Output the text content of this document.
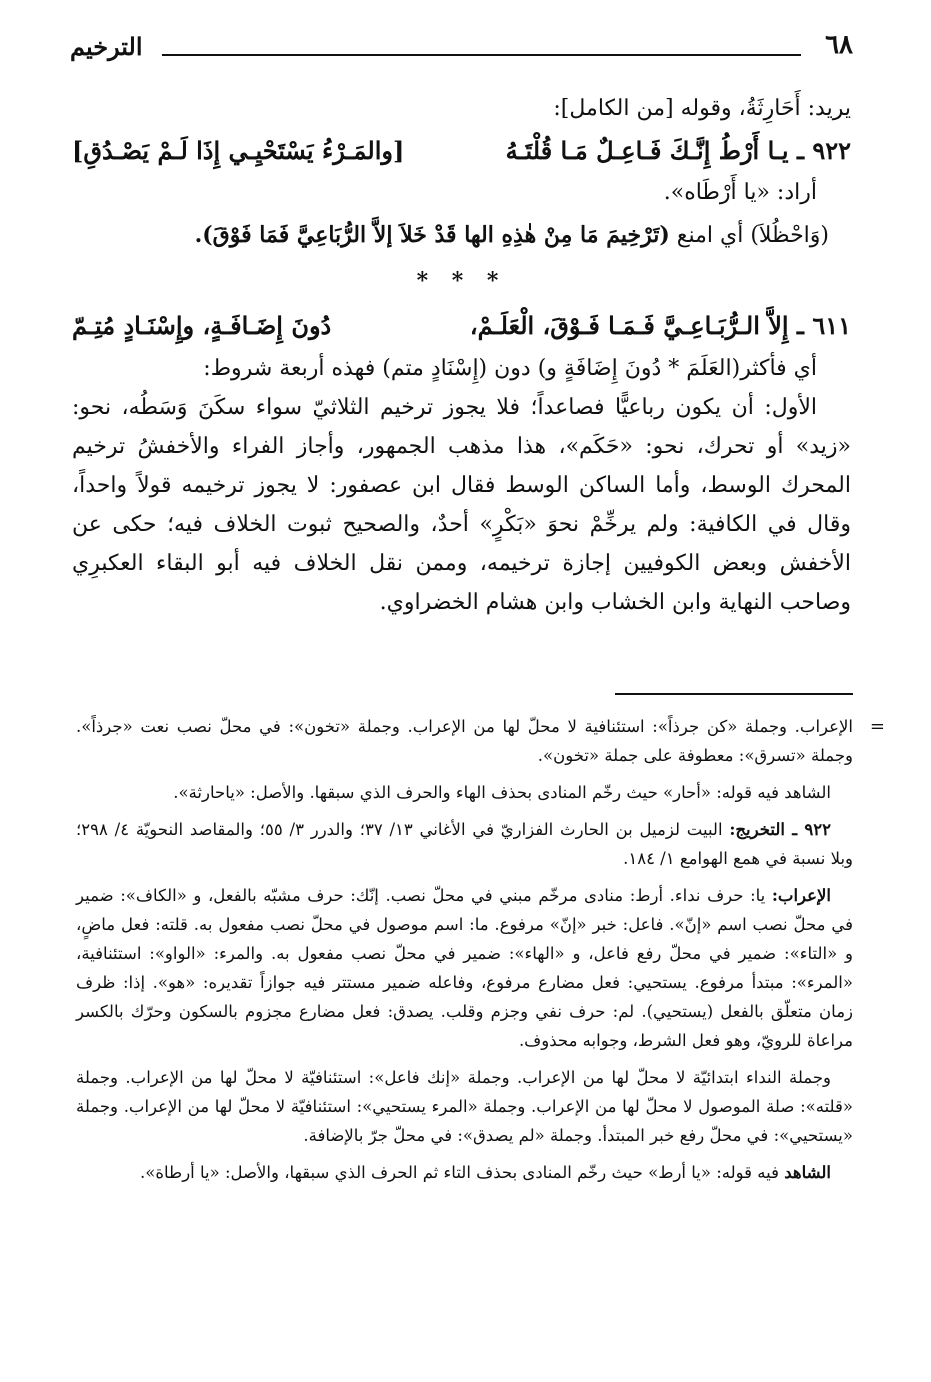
٦٨
الترخيم
يريد: أَحَارِثَةُ، وقوله [من الكامل]:
٩٢٢ ـ يـا أَرْطُ إِنَّـكَ فَـاعِـلٌ مَـا قُلْتَـهُ
[والمَـرْءُ يَسْتَحْيِـي إِذَا لَـمْ يَصْـدُقِ]
أراد: «يا أَرْطَاه».
(وَاحْظُلاَ) أي امنع (تَرْخِيمَ مَا مِنْ هٰذِهِ الها قَدْ خَلاَ إلاَّ الرُّبَاعِيَّ فَمَا فَوْقَ).
* * *
٦١١ ـ إِلاَّ الـرُّبَـاعِـيَّ فَـمَـا فَـوْقَ، الْعَلَـمْ،
دُونَ إِضَـافَـةٍ، وإِسْنَـادٍ مُتِـمّ
أي فأكثر(العَلَمَ * دُونَ إِضَافَةٍ و) دون (إِسْنَادٍ متم) فهذه أربعة شروط:
الأول: أن يكون رباعيًّا فصاعداً؛ فلا يجوز ترخيم الثلاثيّ سواء سكَنَ وَسَطُه، نحو: «زيد» أو تحرك، نحو: «حَكَم»، هذا مذهب الجمهور، وأجاز الفراء والأخفشُ ترخيم المحرك الوسط، وأما الساكن الوسط فقال ابن عصفور: لا يجوز ترخيمه قولاً واحداً، وقال في الكافية: ولم يرخِّمْ نحوَ «بَكْرٍ» أحدٌ، والصحيح ثبوت الخلاف فيه؛ حكى عن الأخفش وبعض الكوفيين إجازة ترخيمه، وممن نقل الخلاف فيه أبو البقاء العكبرِي وصاحب النهاية وابن الخشاب وابن هشام الخضراوي.
=

الإعراب. وجملة «كن جرذاً»: استئنافية لا محلّ لها من الإعراب. وجملة «تخون»: في محلّ نصب نعت «جرذاً». وجملة «تسرق»: معطوفة على جملة «تخون».

الشاهد فيه قوله: «أحار» حيث رخّم المنادى بحذف الهاء والحرف الذي سبقها. والأصل: «ياحارثة».

٩٢٢ ـ التخريج: البيت لزميل بن الحارث الفزاريّ في الأغاني ١٣/ ٣٧؛ والدرر ٣/ ٥٥؛ والمقاصد النحويّة ٤/ ٢٩٨؛ وبلا نسبة في همع الهوامع ١/ ١٨٤.

الإعراب: يا: حرف نداء. أرط: منادى مرخّم مبني في محلّ نصب. إنّك: حرف مشبّه بالفعل، و «الكاف»: ضمير في محلّ نصب اسم «إنّ». فاعل: خبر «إنّ» مرفوع. ما: اسم موصول في محلّ نصب مفعول به. قلته: فعل ماضٍ، و «التاء»: ضمير في محلّ رفع فاعل، و «الهاء»: ضمير في محلّ نصب مفعول به. والمرء: «الواو»: استئنافية، «المرء»: مبتدأ مرفوع. يستحيي: فعل مضارع مرفوع، وفاعله ضمير مستتر فيه جوازاً تقديره: «هو». إذا: ظرف زمان متعلّق بالفعل (يستحيي). لم: حرف نفي وجزم وقلب. يصدق: فعل مضارع مجزوم بالسكون وحرّك بالكسر مراعاة للرويّ، وهو فعل الشرط، وجوابه محذوف.

وجملة النداء ابتدائيّة لا محلّ لها من الإعراب. وجملة «إنك فاعل»: استئنافيّة لا محلّ لها من الإعراب. وجملة «قلته»: صلة الموصول لا محلّ لها من الإعراب. وجملة «المرء يستحيي»: استئنافيّة لا محلّ لها من الإعراب. وجملة «يستحيي»: في محلّ رفع خبر المبتدأ. وجملة «لم يصدق»: في محلّ جرّ بالإضافة.

الشاهد فيه قوله: «يا أرط» حيث رخّم المنادى بحذف التاء ثم الحرف الذي سبقها، والأصل: «يا أرطاة».
